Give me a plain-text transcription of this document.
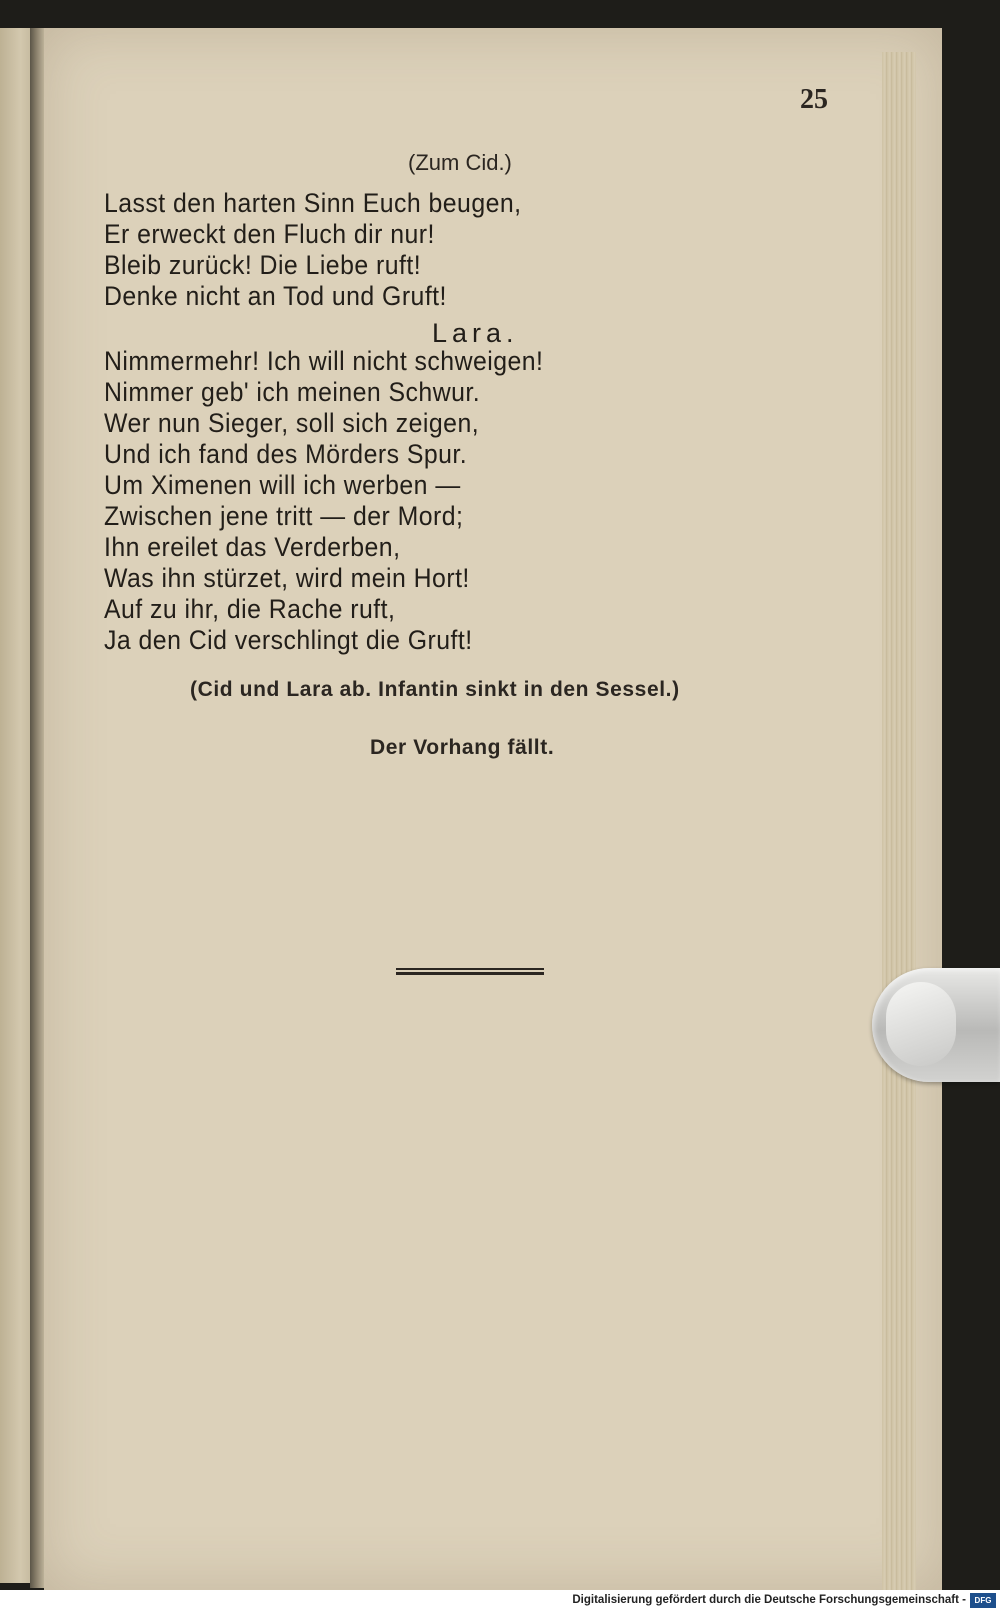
25
(Zum Cid.)
Lasst den harten Sinn Euch beugen,
Er erweckt den Fluch dir nur!
Bleib zurück! Die Liebe ruft!
Denke nicht an Tod und Gruft!
Lara.
Nimmermehr! Ich will nicht schweigen!
Nimmer geb' ich meinen Schwur.
Wer nun Sieger, soll sich zeigen,
Und ich fand des Mörders Spur.
Um Ximenen will ich werben —
Zwischen jene tritt — der Mord;
Ihn ereilet das Verderben,
Was ihn stürzet, wird mein Hort!
Auf zu ihr, die Rache ruft,
Ja den Cid verschlingt die Gruft!
(Cid und Lara ab. Infantin sinkt in den Sessel.)
Der Vorhang fällt.
Digitalisierung gefördert durch die Deutsche Forschungsgemeinschaft -	DFG
